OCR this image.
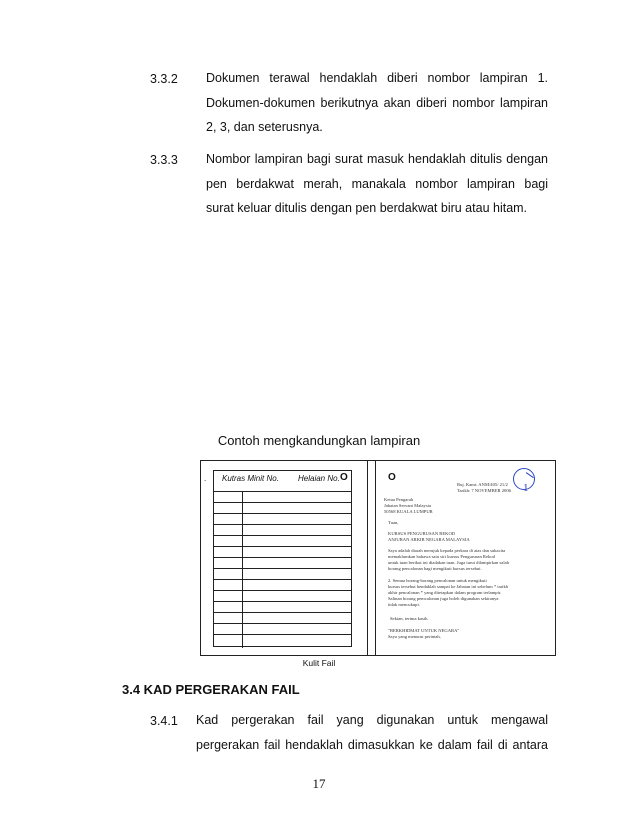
3.3.2 Dokumen terawal hendaklah diberi nombor lampiran 1.
Dokumen-dokumen berikutnya akan diberi nombor lampiran
2, 3, dan seterusnya.
3.3.3 Nombor lampiran bagi surat masuk hendaklah ditulis dengan
pen berdakwat merah, manakala nombor lampiran bagi
surat keluar ditulis dengan pen berdakwat biru atau hitam.
Contoh mengkandungkan lampiran
. Kutras Minit No. Helaian No. O	O
Ruj. Kami: ANM/405/ 21/2
Tarikh: 7 NOVEMBER 2006
Ketua Pengarah
Jabatan Servant Malaysia
50568 KUALA LUMPUR
Tuan,
KURSUS PENGURUSAN REKOD
ANJURAN ARKIB NEGARA MALAYSIA
Saya adalah diarah merujuk kepada perkara di atas dan sukacita
memaklumkan bahawa satu siri kursus Pengurusan Rekod
untuk tuan berikut ini diadakan tuan. Juga turut dilampirkan salah
borang pencalonan bagi mengikuti kursus tersebut.
2. Semua borang-borang pencalonan untuk mengikuti
kursus tersebut hendaklah sampai ke Jabatan ini sebelum * tarikh
akhir pencalonan * yang ditetapkan dalam program terlampir.
Salinan borang pemcalonan juga boleh digunakan sekiranya
tidak mencukupi.
Sekian, terima kasih.
"BERKHIDMAT UNTUK NEGARA"
Saya yang menurut perintah,
1
Kulit Fail
3.4 KAD PERGERAKAN FAIL
3.4.1 Kad pergerakan fail yang digunakan untuk mengawal
pergerakan fail hendaklah dimasukkan ke dalam fail di antara
17
